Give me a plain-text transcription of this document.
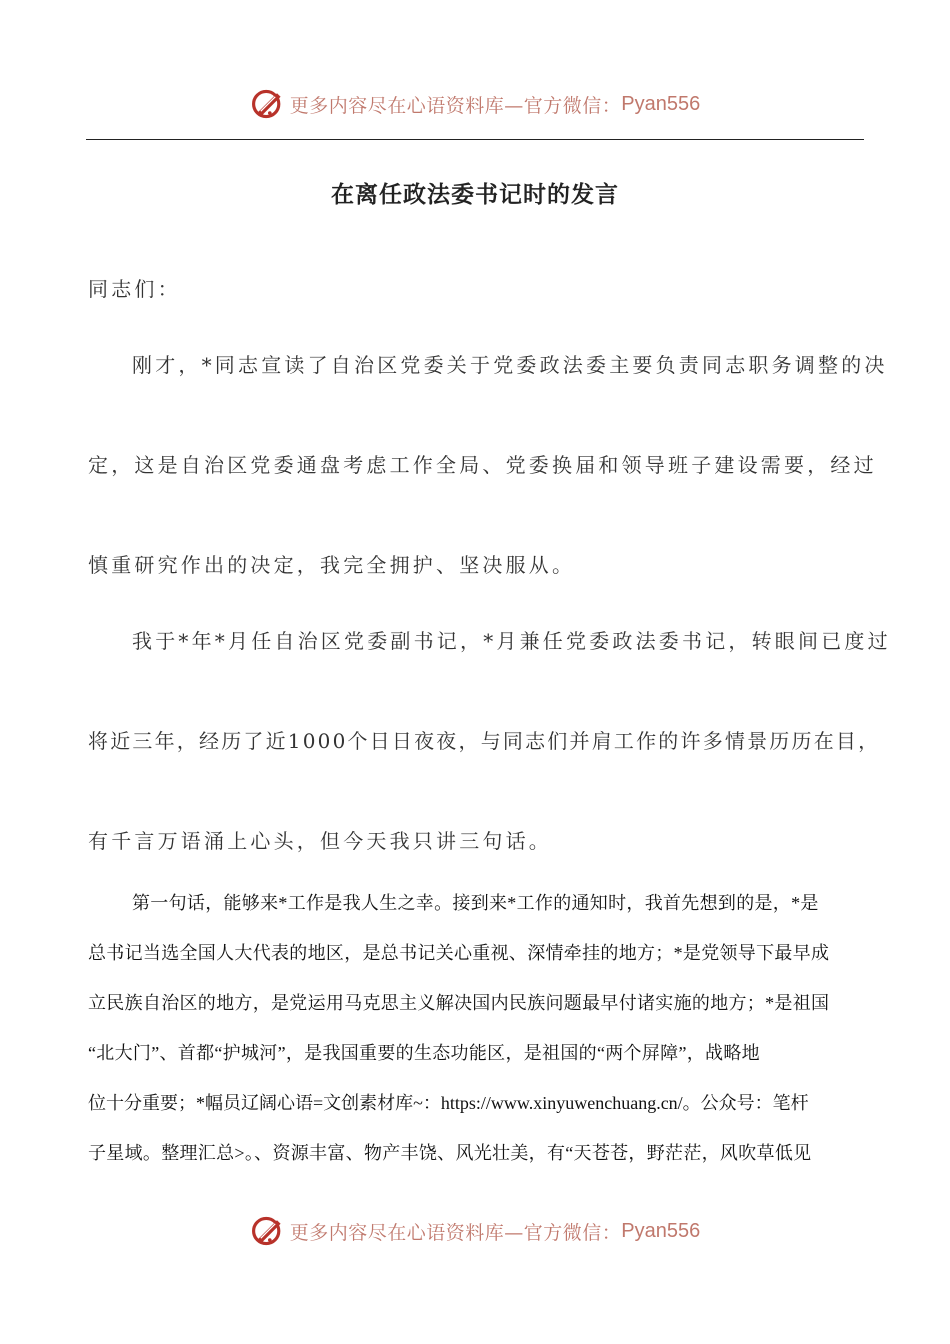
更多内容尽在心语资料库—官方微信： Pyan556
在离任政法委书记时的发言
同志们：
刚才，*同志宣读了自治区党委关于党委政法委主要负责同志职务调整的决
定，这是自治区党委通盘考虑工作全局、党委换届和领导班子建设需要，经过
慎重研究作出的决定，我完全拥护、坚决服从。
我于*年*月任自治区党委副书记，*月兼任党委政法委书记，转眼间已度过
将近三年，经历了近1000个日日夜夜，与同志们并肩工作的许多情景历历在目，
有千言万语涌上心头，但今天我只讲三句话。
第一句话，能够来*工作是我人生之幸。接到来*工作的通知时，我首先想到的是，*是
总书记当选全国人大代表的地区，是总书记关心重视、深情牵挂的地方；*是党领导下最早成
立民族自治区的地方，是党运用马克思主义解决国内民族问题最早付诸实施的地方；*是祖国
“北大门”、首都“护城河”，是我国重要的生态功能区，是祖国的“两个屏障”，战略地
位十分重要；*幅员辽阔心语=文创素材库~：https://www.xinyuwenchuang.cn/。公众号：笔杆
子星域。整理汇总>。、资源丰富、物产丰饶、风光壮美，有“天苍苍，野茫茫，风吹草低见
更多内容尽在心语资料库—官方微信： Pyan556
